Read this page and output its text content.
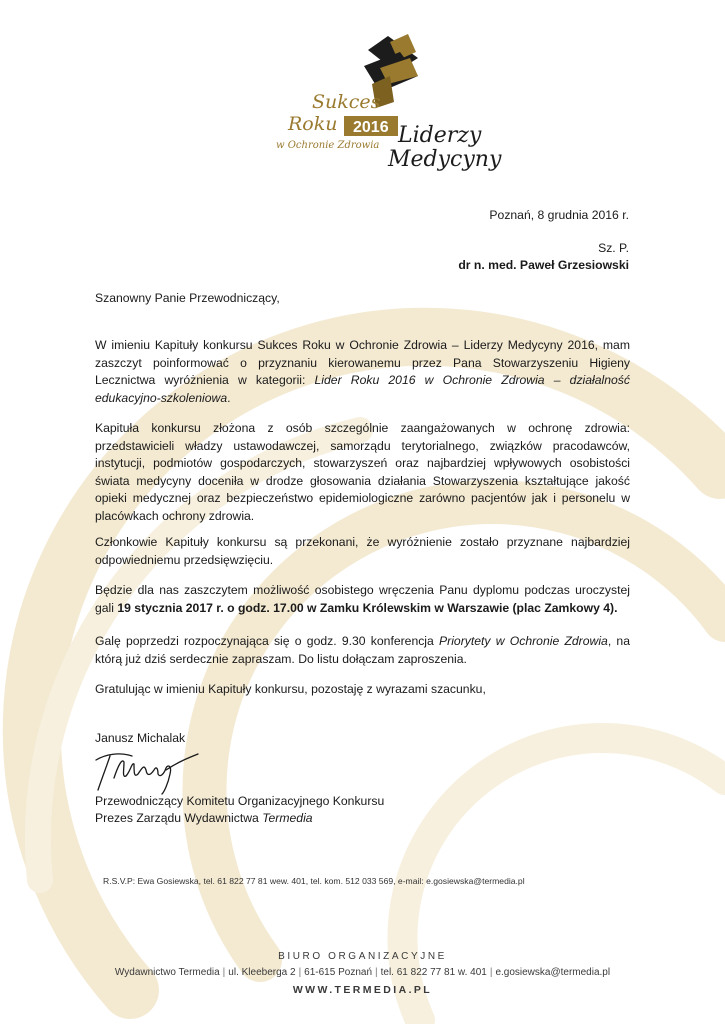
Sukces
Roku 2016
w Ochronie Zdrowia Liderzy
Medycyny
Poznań, 8 grudnia 2016 r.
Sz. P.
dr n. med. Paweł Grzesiowski
Szanowny Panie Przewodniczący,
W imieniu Kapituły konkursu Sukces Roku w Ochronie Zdrowia – Liderzy Medycyny 2016, mam zaszczyt poinformować o przyznaniu kierowanemu przez Pana Stowarzyszeniu Higieny Lecznictwa wyróżnienia w kategorii: Lider Roku 2016 w Ochronie Zdrowia – działalność edukacyjno-szkoleniowa.
Kapituła konkursu złożona z osób szczególnie zaangażowanych w ochronę zdrowia: przedstawicieli władzy ustawodawczej, samorządu terytorialnego, związków pracodawców, instytucji, podmiotów gospodarczych, stowarzyszeń oraz najbardziej wpływowych osobistości świata medycyny doceniła w drodze głosowania działania Stowarzyszenia kształtujące jakość opieki medycznej oraz bezpieczeństwo epidemiologiczne zarówno pacjentów jak i personelu w placówkach ochrony zdrowia.
Członkowie Kapituły konkursu są przekonani, że wyróżnienie zostało przyznane najbardziej odpowiedniemu przedsięwzięciu.
Będzie dla nas zaszczytem możliwość osobistego wręczenia Panu dyplomu podczas uroczystej gali 19 stycznia 2017 r. o godz. 17.00 w Zamku Królewskim w Warszawie (plac Zamkowy 4).
Galę poprzedzi rozpoczynająca się o godz. 9.30 konferencja Priorytety w Ochronie Zdrowia, na którą już dziś serdecznie zapraszam. Do listu dołączam zaproszenia.
Gratulując w imieniu Kapituły konkursu, pozostaję z wyrazami szacunku,
Janusz Michalak
Przewodniczący Komitetu Organizacyjnego Konkursu
Prezes Zarządu Wydawnictwa Termedia
R.S.V.P: Ewa Gosiewska, tel. 61 822 77 81 wew. 401, tel. kom. 512 033 569, e-mail: e.gosiewska@termedia.pl
BIURO ORGANIZACYJNE
Wydawnictwo Termedia | ul. Kleeberga 2 | 61-615 Poznań | tel. 61 822 77 81 w. 401 | e.gosiewska@termedia.pl
WWW.TERMEDIA.PL
